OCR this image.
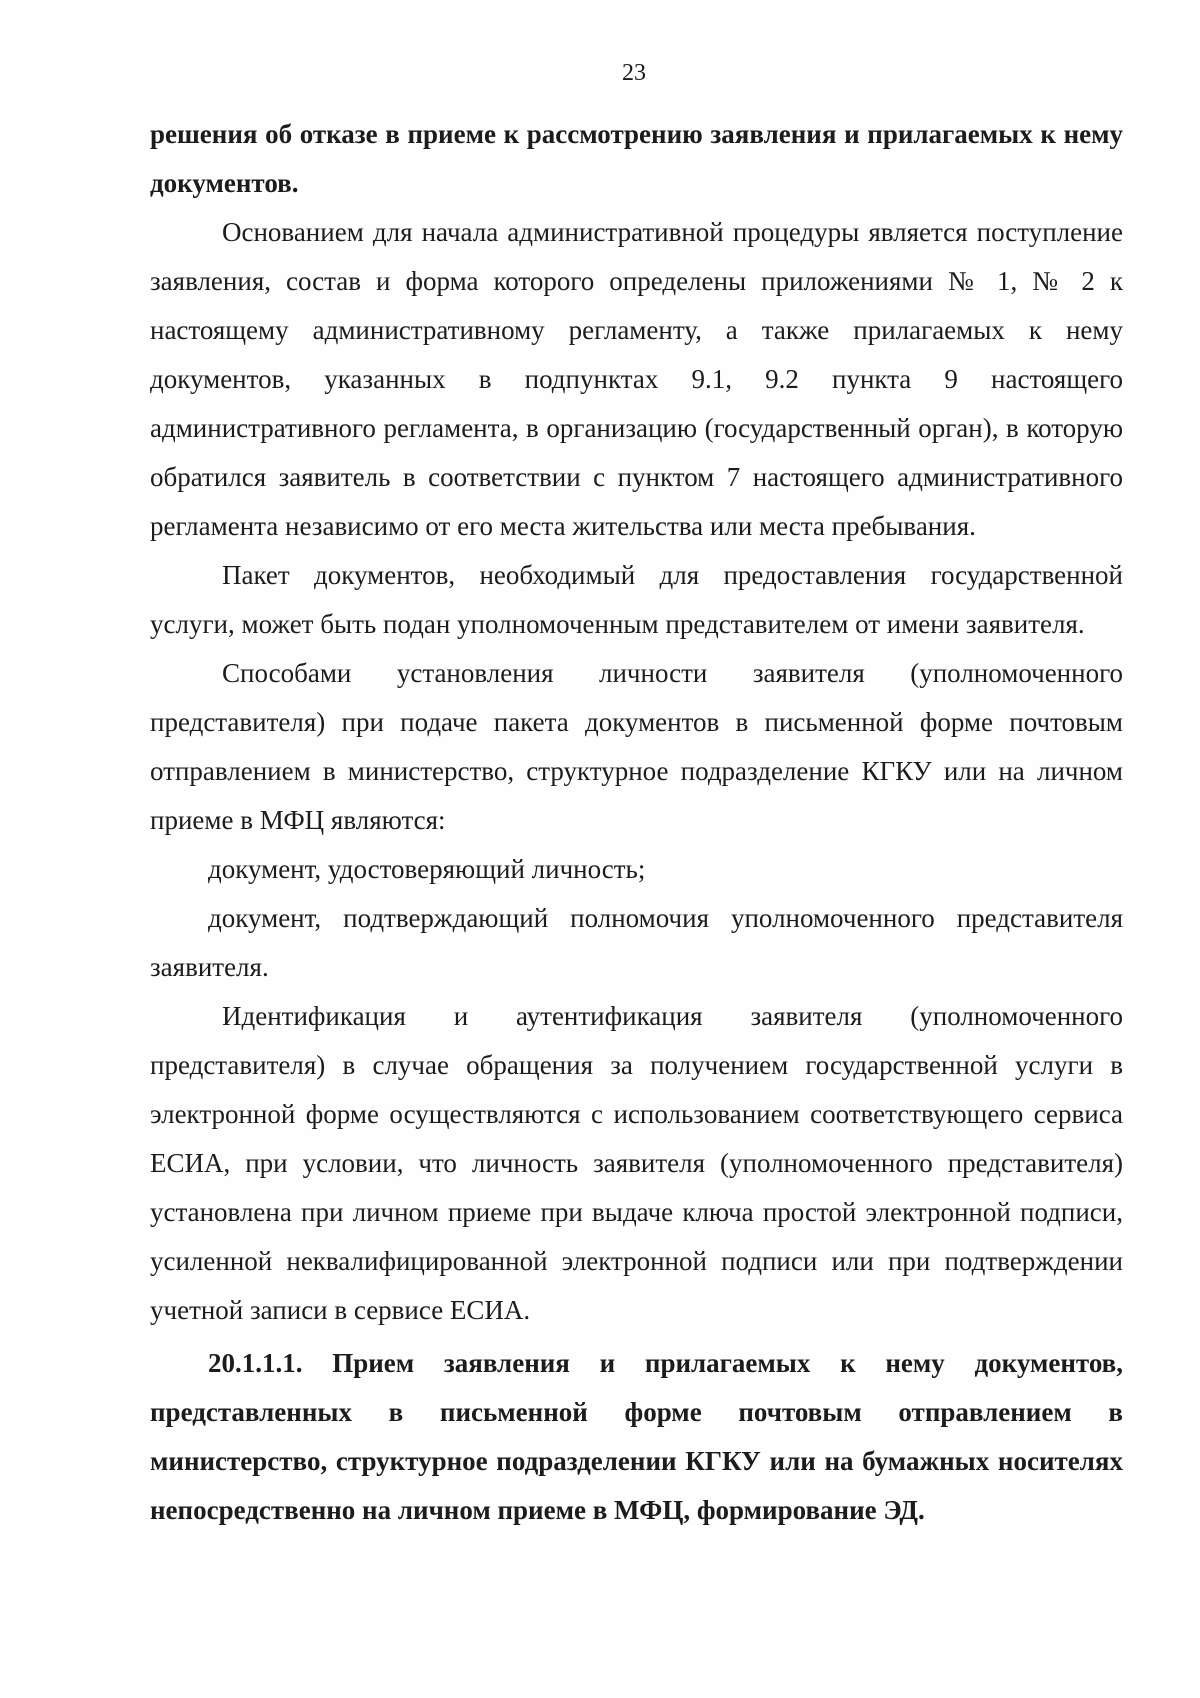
23

решения об отказе в приеме к рассмотрению заявления и прилагаемых к нему документов.

Основанием для начала административной процедуры является поступление заявления, состав и форма которого определены приложениями № 1, № 2 к настоящему административному регламенту, а также прилагаемых к нему документов, указанных в подпунктах 9.1, 9.2 пункта 9 настоящего административного регламента, в организацию (государственный орган), в которую обратился заявитель в соответствии с пунктом 7 настоящего административного регламента независимо от его места жительства или места пребывания.

Пакет документов, необходимый для предоставления государственной услуги, может быть подан уполномоченным представителем от имени заявителя.

Способами установления личности заявителя (уполномоченного представителя) при подаче пакета документов в письменной форме почтовым отправлением в министерство, структурное подразделение КГКУ или на личном приеме в МФЦ являются:

документ, удостоверяющий личность;

документ, подтверждающий полномочия уполномоченного представителя заявителя.

Идентификация и аутентификация заявителя (уполномоченного представителя) в случае обращения за получением государственной услуги в электронной форме осуществляются с использованием соответствующего сервиса ЕСИА, при условии, что личность заявителя (уполномоченного представителя) установлена при личном приеме при выдаче ключа простой электронной подписи, усиленной неквалифицированной электронной подписи или при подтверждении учетной записи в сервисе ЕСИА.

20.1.1.1. Прием заявления и прилагаемых к нему документов, представленных в письменной форме почтовым отправлением в министерство, структурное подразделении КГКУ или на бумажных носителях непосредственно на личном приеме в МФЦ, формирование ЭД.
